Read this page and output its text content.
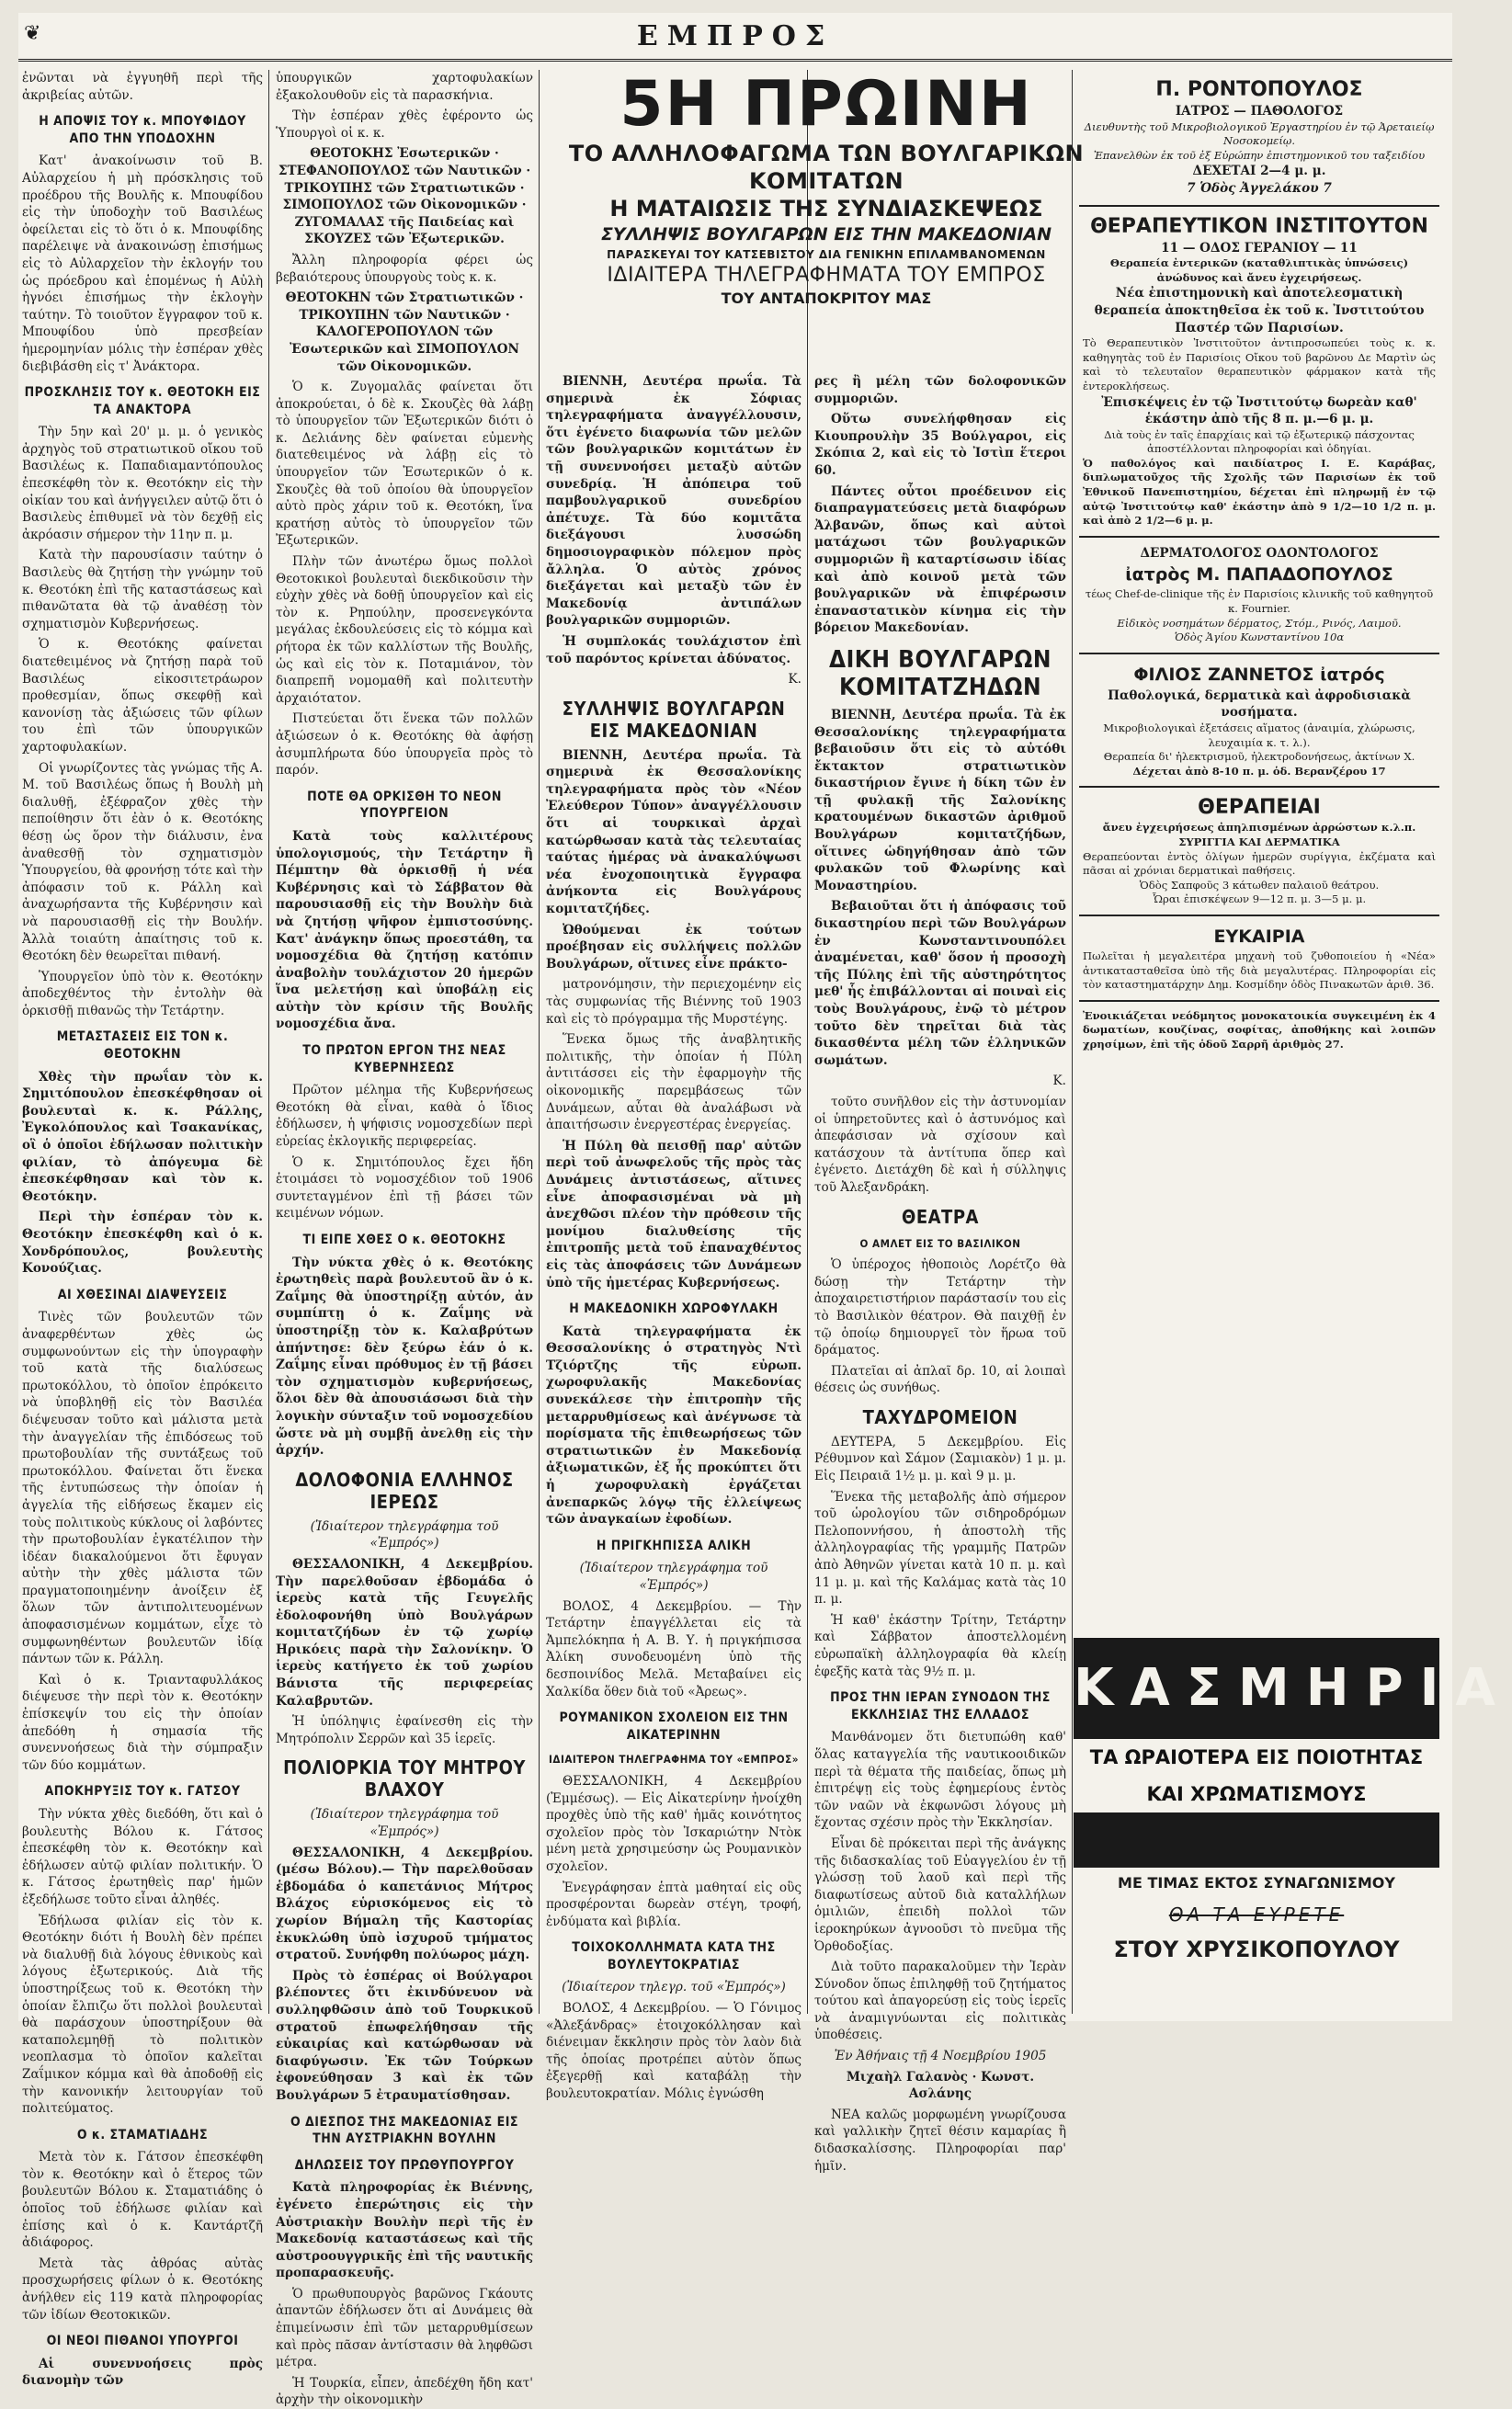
❦	ΕΜΠΡΟΣ

ἐνῶνται νὰ ἐγγυηθῆ περὶ τῆς ἀκριβείας αὐτῶν.

Η ΑΠΟΨΙΣ ΤΟΥ κ. ΜΠΟΥΦΙΔΟΥ ΑΠΟ ΤΗΝ ΥΠΟΔΟΧΗΝ

Κατ' ἀνακοίνωσιν τοῦ Β. Αὐλαρχείου ἡ μὴ πρόσκλησις τοῦ προέδρου τῆς Βουλῆς κ. Μπουφίδου εἰς τὴν ὑποδοχὴν τοῦ Βασιλέως ὀφείλεται εἰς τὸ ὅτι ὁ κ. Μπουφίδης παρέλειψε νὰ ἀνακοινώσῃ ἐπισήμως εἰς τὸ Αὐλαρχεῖον τὴν ἐκλογήν του ὡς πρόεδρου καὶ ἑπομένως ἡ Αὐλὴ ἠγνόει ἐπισήμως τὴν ἐκλογὴν ταύτην. Τὸ τοιοῦτον ἔγγραφον τοῦ κ. Μπουφίδου ὑπὸ πρεσβείαν ἡμερομηνίαν μόλις τὴν ἑσπέραν χθὲς διεβιβάσθη εἰς τ' Ἀνάκτορα.

ΠΡΟΣΚΛΗΣΙΣ ΤΟΥ κ. ΘΕΟΤΟΚΗ ΕΙΣ ΤΑ ΑΝΑΚΤΟΡΑ

Τὴν 5ην καὶ 20' μ. μ. ὁ γενικὸς ἀρχηγὸς τοῦ στρατιωτικοῦ οἴκου τοῦ Βασιλέως κ. Παπαδιαμαντόπουλος ἐπεσκέφθη τὸν κ. Θεοτόκην εἰς τὴν οἰκίαν του καὶ ἀνήγγειλεν αὐτῷ ὅτι ὁ Βασιλεὺς ἐπιθυμεῖ νὰ τὸν δεχθῇ εἰς ἀκρόασιν σήμερον τὴν 11ην π. μ.

Κατὰ τὴν παρουσίασιν ταύτην ὁ Βασιλεὺς θὰ ζητήσῃ τὴν γνώμην τοῦ κ. Θεοτόκη ἐπὶ τῆς καταστάσεως καὶ πιθανῶτατα θὰ τῷ ἀναθέσῃ τὸν σχηματισμὸν Κυβερνήσεως.

Ὁ κ. Θεοτόκης φαίνεται διατεθειμένος νὰ ζητήσῃ παρὰ τοῦ Βασιλέως εἰκοσιτετράωρον προθεσμίαν, ὅπως σκεφθῇ καὶ κανονίσῃ τὰς ἀξιώσεις τῶν φίλων του ἐπὶ τῶν ὑπουργικῶν χαρτοφυλακίων.

Οἱ γνωρίζοντες τὰς γνώμας τῆς Α. Μ. τοῦ Βασιλέως ὅπως ἡ Βουλὴ μὴ διαλυθῇ, ἐξέφραζον χθὲς τὴν πεποίθησιν ὅτι ἐὰν ὁ κ. Θεοτόκης θέσῃ ὡς ὅρον τὴν διάλυσιν, ἐνα ἀναθεσθῇ τὸν σχηματισμὸν Ὑπουργείου, θὰ φρονήσῃ τότε καὶ τὴν ἀπόφασιν τοῦ κ. Ράλλη καὶ ἀναχωρήσαντα τῆς Κυβέρνησιν καὶ νὰ παρουσιασθῇ εἰς τὴν Βουλήν. Ἀλλὰ τοιαύτη ἀπαίτησις τοῦ κ. Θεοτόκη δὲν θεωρεῖται πιθανή.

Ὑπουργεῖον ὑπὸ τὸν κ. Θεοτόκην ἀποδεχθέντος τὴν ἐντολὴν θὰ ὁρκισθῇ πιθανῶς τὴν Τετάρτην.

ΜΕΤΑΣΤΑΣΕΙΣ ΕΙΣ ΤΟΝ κ. ΘΕΟΤΟΚΗΝ

Χθὲς τὴν πρωΐαν τὸν κ. Σημιτόπουλον ἐπεσκέφθησαν οἱ βουλευταὶ κ. κ. Ράλλης, Ἐγκολόπουλος καὶ Τσακανίκας, οἳ ὁ ὁποῖοι ἐδήλωσαν πολιτικὴν φιλίαν, τὸ ἀπόγευμα δὲ ἐπεσκέφθησαν καὶ τὸν κ. Θεοτόκην.

Περὶ τὴν ἑσπέραν τὸν κ. Θεοτόκην ἐπεσκέφθη καὶ ὁ κ. Χονδρόπουλος, βουλευτὴς Κονούζιας.

ΑΙ ΧΘΕΣΙΝΑΙ ΔΙΑΨΕΥΣΕΙΣ

Τινὲς τῶν βουλευτῶν τῶν ἀναφερθέντων χθὲς ὡς συμφωνούντων εἰς τὴν ὑπογραφὴν τοῦ κατὰ τῆς διαλύσεως πρωτοκόλλου, τὸ ὁποῖον ἐπρόκειτο νὰ ὑποβληθῇ εἰς τὸν Βασιλέα διέψευσαν τοῦτο καὶ μάλιστα μετὰ τὴν ἀναγγελίαν τῆς ἐπιδόσεως τοῦ πρωτοβουλίαν τῆς συντάξεως τοῦ πρωτοκόλλου. Φαίνεται ὅτι ἕνεκα τῆς ἐντυπώσεως τὴν ὁποίαν ἡ ἀγγελία τῆς εἰδήσεως ἔκαμεν εἰς τοὺς πολιτικοὺς κύκλους οἱ λαβόντες τὴν πρωτοβουλίαν ἐγκατέλιπον τὴν ἰδέαν διακαλούμενοι ὅτι ἔφυγαν αὐτὴν τὴν χθὲς μάλιστα τῶν πραγματοποιημένην ἀνοίξειν ἐξ ὅλων τῶν ἀντιπολιτευομένων ἀποφασισμένων κομμάτων, εἶχε τὸ συμφωνηθέντων βουλευτῶν ἰδίᾳ πάντων τῶν κ. Ράλλη.

Καὶ ὁ κ. Τριανταφυλλάκος διέψευσε τὴν περὶ τὸν κ. Θεοτόκην ἐπίσκεψίν του εἰς τὴν ὁποίαν ἀπεδόθη ἡ σημασία τῆς συνεννοήσεως διὰ τὴν σύμπραξιν τῶν δύο κομμάτων.

ΑΠΟΚΗΡΥΞΙΣ ΤΟΥ κ. ΓΑΤΣΟΥ

Τὴν νύκτα χθὲς διεδόθη, ὅτι καὶ ὁ βουλευτὴς Βόλου κ. Γάτσος ἐπεσκέφθη τὸν κ. Θεοτόκην καὶ ἐδήλωσεν αὐτῷ φιλίαν πολιτικήν. Ὁ κ. Γάτσος ἐρωτηθεὶς παρ' ἡμῶν ἐξεδήλωσε τοῦτο εἶναι ἀληθές.

Ἐδήλωσα φιλίαν εἰς τὸν κ. Θεοτόκην διότι ἡ Βουλὴ δὲν πρέπει νὰ διαλυθῇ διὰ λόγους ἐθνικοὺς καὶ λόγους ἐξωτερικούς. Διὰ τῆς ὑποστηρίξεως τοῦ κ. Θεοτόκη τὴν ὁποίαν ἔλπιζω ὅτι πολλοὶ βουλευταὶ θὰ παράσχουν ὑποστηρίξουν θὰ καταπολεμηθῇ τὸ πολιτικὸν νεοπλασμα τὸ ὁποῖον καλεῖται Ζαΐμικον κόμμα καὶ θὰ ἀποδοθῇ εἰς τὴν κανονικήν λειτουργίαν τοῦ πολιτεύματος.

Ο κ. ΣΤΑΜΑΤΙΑΔΗΣ

Μετὰ τὸν κ. Γάτσον ἐπεσκέφθη τὸν κ. Θεοτόκην καὶ ὁ ἕτερος τῶν βουλευτῶν Βόλου κ. Σταματιάδης ὁ ὁποῖος τοῦ ἐδήλωσε φιλίαν καὶ ἐπίσης καὶ ὁ κ. Καντάρτζῆ ἀδιάφορος.

Μετὰ τὰς ἀθρόας αὐτὰς προσχωρήσεις φίλων ὁ κ. Θεοτόκης ἀνήλθεν εἰς 119 κατὰ πληροφορίας τῶν ἰδίων Θεοτοκικῶν.

ΟΙ ΝΕΟΙ ΠΙΘΑΝΟΙ ΥΠΟΥΡΓΟΙ

Αἱ συνεννοήσεις πρὸς διανομὴν τῶν

ὑπουργικῶν χαρτοφυλακίων ἐξακολουθοῦν εἰς τὰ παρασκήνια.

Τὴν ἑσπέραν χθὲς ἐφέροντο ὡς Ὑπουργοὶ οἱ κ. κ.

ΘΕΟΤΟΚΗΣ Ἐσωτερικῶν · ΣΤΕΦΑΝΟΠΟΥΛΟΣ τῶν Ναυτικῶν · ΤΡΙΚΟΥΠΗΣ τῶν Στρατιωτικῶν · ΣΙΜΟΠΟΥΛΟΣ τῶν Οἰκονομικῶν · ΖΥΓΟΜΑΛΑΣ τῆς Παιδείας καὶ ΣΚΟΥΖΕΣ τῶν Ἐξωτερικῶν.

Ἄλλη πληροφορία φέρει ὡς βεβαιότερους ὑπουργοὺς τοὺς κ. κ.

ΘΕΟΤΟΚΗΝ τῶν Στρατιωτικῶν · ΤΡΙΚΟΥΠΗΝ τῶν Ναυτικῶν · ΚΑΛΟΓΕΡΟΠΟΥΛΟΝ τῶν Ἐσωτερικῶν καὶ ΣΙΜΟΠΟΥΛΟΝ τῶν Οἰκονομικῶν.

Ὁ κ. Ζυγομαλᾶς φαίνεται ὅτι ἀποκρούεται, ὁ δὲ κ. Σκουζὲς θὰ λάβῃ τὸ ὑπουργεῖον τῶν Ἐξωτερικῶν διότι ὁ κ. Δελιάνης δὲν φαίνεται εὐμενὴς διατεθειμένος νὰ λάβῃ εἰς τὸ ὑπουργεῖον τῶν Ἐσωτερικῶν ὁ κ. Σκουζὲς θὰ τοῦ ὁποίου θὰ ὑπουργεῖον αὐτὸ πρὸς χάριν τοῦ κ. Θεοτόκη, ἵνα κρατήσῃ αὐτὸς τὸ ὑπουργεῖον τῶν Ἐξωτερικῶν.

Πλὴν τῶν ἀνωτέρω ὅμως πολλοὶ Θεοτοκικοὶ βουλευταὶ διεκδικοῦσιν τὴν εὐχὴν χθὲς νὰ δοθῇ ὑπουργεῖον καὶ εἰς τὸν κ. Ρηπούλην, προσενεγκόντα μεγάλας ἐκδουλεύσεις εἰς τὸ κόμμα καὶ ρήτορα ἐκ τῶν καλλίστων τῆς Βουλῆς, ὡς καὶ εἰς τὸν κ. Ποταμιάνον, τὸν διαπρεπῆ νομομαθῆ καὶ πολιτευτὴν ἀρχαιότατον.

Πιστεύεται ὅτι ἕνεκα τῶν πολλῶν ἀξιώσεων ὁ κ. Θεοτόκης θὰ ἀφήσῃ ἀσυμπλήρωτα δύο ὑπουργεῖα πρὸς τὸ παρόν.

ΠΟΤΕ ΘΑ ΟΡΚΙΣΘΗ ΤΟ ΝΕΟΝ ΥΠΟΥΡΓΕΙΟΝ

Κατὰ τοὺς καλλιτέρους ὑπολογισμούς, τὴν Τετάρτην ἢ Πέμπτην θὰ ὁρκισθῇ ἡ νέα Κυβέρνησις καὶ τὸ Σάββατον θὰ παρουσιασθῇ εἰς τὴν Βουλὴν διὰ νὰ ζητήσῃ ψῆφον ἐμπιστοσύνης. Κατ' ἀνάγκην ὅπως προεστάθη, τα νομοσχέδια θὰ ζητήσῃ κατόπιν ἀναβολὴν τουλάχιστον 20 ἡμερῶν ἵνα μελετήσῃ καὶ ὑποβάλῃ εἰς αὐτὴν τὸν κρίσιν τῆς Βουλῆς νομοσχέδια ἄνα.

ΤΟ ΠΡΩΤΟΝ ΕΡΓΟΝ ΤΗΣ ΝΕΑΣ ΚΥΒΕΡΝΗΣΕΩΣ

Πρῶτον μέλημα τῆς Κυβερνήσεως Θεοτόκη θὰ εἶναι, καθὰ ὁ ἴδιος ἐδήλωσεν, ἡ ψήφισις νομοσχεδίων περὶ εὐρείας ἐκλογικῆς περιφερείας.

Ὁ κ. Σημιτόπουλος ἔχει ἤδη ἑτοιμάσει τὸ νομοσχέδιον τοῦ 1906 συντεταγμένον ἐπὶ τῇ βάσει τῶν κειμένων νόμων.

ΤΙ ΕΙΠΕ ΧΘΕΣ Ο κ. ΘΕΟΤΟΚΗΣ

Τὴν νύκτα χθὲς ὁ κ. Θεοτόκης ἐρωτηθεὶς παρὰ βουλευτοῦ ἂν ὁ κ. Ζαΐμης θὰ ὑποστηρίξῃ αὐτόν, ἀν συμπίπτῃ ὁ κ. Ζαΐμης νὰ ὑποστηρίξῃ τὸν κ. Καλαβρύτων ἀπήντησε: δὲν ξεύρω ἐάν ὁ κ. Ζαΐμης εἶναι πρόθυμος ἐν τῇ βάσει τὸν σχηματισμὸν κυβερνήσεως, ὅλοι δὲν θὰ ἀπουσιάσωσι διὰ τὴν λογικὴν σύνταξιν τοῦ νομοσχεδίου ὥστε νὰ μὴ συμβῇ ἀνελθῃ εἰς τὴν ἀρχήν.

ΔΟΛΟΦΟΝΙΑ ΕΛΛΗΝΟΣ ΙΕΡΕΩΣ

(Ἰδιαίτερον τηλεγράφημα τοῦ «Ἐμπρός»)

ΘΕΣΣΑΛΟΝΙΚΗ, 4 Δεκεμβρίου. Τὴν παρελθοῦσαν ἑβδομάδα ὁ ἱερεὺς κατὰ τῆς Γευγελῆς ἐδολοφονήθη ὑπὸ Βουλγάρων κομιτατζήδων ἐν τῷ χωρίῳ Ηρικόεις παρὰ τὴν Σαλονίκην. Ὁ ἱερεὺς κατήγετο ἐκ τοῦ χωρίου Βάνιστα τῆς περιφερείας Καλαβρυτῶν.

Ἡ ὑπόληψις ἐφαίνεσθη εἰς τὴν Μητρόπολιν Σερρῶν καὶ 35 ἱερεῖς.

ΠΟΛΙΟΡΚΙΑ ΤΟΥ ΜΗΤΡΟΥ ΒΛΑΧΟΥ

(Ἰδιαίτερον τηλεγράφημα τοῦ «Ἐμπρός»)

ΘΕΣΣΑΛΟΝΙΚΗ, 4 Δεκεμβρίου. (μέσω Βόλου).— Τὴν παρελθοῦσαν ἑβδομάδα ὁ καπετάνιος Μήτρος Βλάχος εὑρισκόμενος εἰς τὸ χωρίον Βήμαλη τῆς Καστορίας ἐκυκλώθη ὑπὸ ἰσχυροῦ τμήματος στρατοῦ. Συνήφθη πολύωρος μάχη.

Πρὸς τὸ ἑσπέρας οἱ Βούλγαροι βλέποντες ὅτι ἐκινδύνευον νὰ συλληφθῶσιν ἀπὸ τοῦ Τουρκικοῦ στρατοῦ ἐπωφελήθησαν τῆς εὐκαιρίας καὶ κατώρθωσαν νὰ διαφύγωσιν. Ἐκ τῶν Τούρκων ἐφονεύθησαν 3 καὶ ἐκ τῶν Βουλγάρων 5 ἐτραυματίσθησαν.

Ο ΔΙΕΣΠΟΣ ΤΗΣ ΜΑΚΕΔΟΝΙΑΣ ΕΙΣ ΤΗΝ ΑΥΣΤΡΙΑΚΗΝ ΒΟΥΛΗΝ
ΔΗΛΩΣΕΙΣ ΤΟΥ ΠΡΩΘΥΠΟΥΡΓΟΥ

Κατὰ πληροφορίας ἐκ Βιέννης, ἐγένετο ἐπερώτησις εἰς τὴν Αὐστριακὴν Βουλὴν περὶ τῆς ἐν Μακεδονίᾳ καταστάσεως καὶ τῆς αὐστροουγγρικῆς ἐπὶ τῆς ναυτικῆς προπαρασκευῆς.

Ὁ πρωθυπουργὸς βαρῶνος Γκάουτς ἀπαντῶν ἐδήλωσεν ὅτι αἱ Δυνάμεις θὰ ἐπιμείνωσιν ἐπὶ τῶν μεταρρυθμίσεων καὶ πρὸς πᾶσαν ἀντίστασιν θὰ ληφθῶσι μέτρα.

Ἡ Τουρκία, εἶπεν, ἀπεδέχθη ἤδη κατ' ἀρχὴν τὴν οἰκονομικὴν

5Η ΠΡΩΙΝΗ
ΤΟ ΑΛΛΗΛΟΦΑΓΩΜΑ ΤΩΝ ΒΟΥΛΓΑΡΙΚΩΝ ΚΟΜΙΤΑΤΩΝ
Η ΜΑΤΑΙΩΣΙΣ ΤΗΣ ΣΥΝΔΙΑΣΚΕΨΕΩΣ
ΣΥΛΛΗΨΙΣ ΒΟΥΛΓΑΡΩΝ ΕΙΣ ΤΗΝ ΜΑΚΕΔΟΝΙΑΝ
ΠΑΡΑΣΚΕΥΑΙ ΤΟΥ ΚΑΤΣΕΒΙΣΤΟΥ ΔΙΑ ΓΕΝΙΚΗΝ ΕΠΙΛΑΜΒΑΝΟΜΕΝΩΝ
ΙΔΙΑΙΤΕΡΑ ΤΗΛΕΓΡΑΦΗΜΑΤΑ ΤΟΥ ΕΜΠΡΟΣ
ΤΟΥ ΑΝΤΑΠΟΚΡΙΤΟΥ ΜΑΣ

ΒΙΕΝΝΗ, Δευτέρα πρωΐα. Τὰ σημερινὰ ἐκ Σόφιας τηλεγραφήματα ἀναγγέλλουσιν, ὅτι ἐγένετο διαφωνία τῶν μελῶν τῶν βουλγαρικῶν κομιτάτων ἐν τῇ συνεννοήσει μεταξὺ αὐτῶν συνεδρίᾳ. Ἡ ἀπόπειρα τοῦ παμβουλγαρικοῦ συνεδρίου ἀπέτυχε. Τὰ δύο κομιτᾶτα διεξάγουσι λυσσώδη δημοσιογραφικὸν πόλεμον πρὸς ἄλληλα. Ὁ αὐτὸς χρόνος διεξάγεται καὶ μεταξὺ τῶν ἐν Μακεδονίᾳ ἀντιπάλων βουλγαρικῶν συμμοριῶν.

Ἡ συμπλοκάς τουλάχιστον ἐπὶ τοῦ παρόντος κρίνεται ἀδύνατος.

Κ.

ΣΥΛΛΗΨΙΣ ΒΟΥΛΓΑΡΩΝ ΕΙΣ ΜΑΚΕΔΟΝΙΑΝ

ΒΙΕΝΝΗ, Δευτέρα πρωΐα. Τὰ σημερινὰ ἐκ Θεσσαλονίκης τηλεγραφήματα πρὸς τὸν «Νέον Ἐλεύθερον Τύπον» ἀναγγέλλουσιν ὅτι αἱ τουρκικαὶ ἀρχαὶ κατώρθωσαν κατὰ τὰς τελευταίας ταύτας ἡμέρας νὰ ἀνακαλύψωσι νέα ἐνοχοποιητικὰ ἔγγραφα ἀνήκοντα εἰς Βουλγάρους κομιτατζήδες.

Ὠθούμεναι ἐκ τούτων προέβησαν εἰς συλλήψεις πολλῶν Βουλγάρων, οἵτινες εἶνε πράκτο-

ματρονόμησιν, τὴν περιεχομένην εἰς τὰς συμφωνίας τῆς Βιέννης τοῦ 1903 καὶ εἰς τὸ πρόγραμμα τῆς Μυρστέγης.

Ἕνεκα ὅμως τῆς ἀναβλητικῆς πολιτικῆς, τὴν ὁποίαν ἡ Πύλη ἀντιτάσσει εἰς τὴν ἐφαρμογὴν τῆς οἰκονομικῆς παρεμβάσεως τῶν Δυνάμεων, αὗται θὰ ἀναλάβωσι νὰ ἀπαιτήσωσιν ἐνεργεστέρας ἐνεργείας.

Ἡ Πύλη θὰ πεισθῇ παρ' αὐτῶν περὶ τοῦ ἀνωφελοῦς τῆς πρὸς τὰς Δυνάμεις ἀντιστάσεως, αἵτινες εἶνε ἀποφασισμέναι νὰ μὴ ἀνεχθῶσι πλέον τὴν πρόθεσιν τῆς μονίμου διαλυθείσης τῆς ἐπιτροπῆς μετὰ τοῦ ἐπαναχθέντος εἰς τὰς ἀποφάσεις τῶν Δυνάμεων ὑπὸ τῆς ἡμετέρας Κυβερνήσεως.

Η ΜΑΚΕΔΟΝΙΚΗ ΧΩΡΟΦΥΛΑΚΗ

Κατὰ τηλεγραφήματα ἐκ Θεσσαλονίκης ὁ στρατηγὸς Ντὶ Τζιόρτζης τῆς εὐρωπ. χωροφυλακῆς Μακεδονίας συνεκάλεσε τὴν ἐπιτροπὴν τῆς μεταρρυθμίσεως καὶ ἀνέγνωσε τὰ πορίσματα τῆς ἐπιθεωρήσεως τῶν στρατιωτικῶν ἐν Μακεδονίᾳ ἀξιωματικῶν, ἐξ ἧς προκύπτει ὅτι ἡ χωροφυλακὴ ἐργάζεται ἀνεπαρκῶς λόγῳ τῆς ἐλλείψεως τῶν ἀναγκαίων ἐφοδίων.

Η ΠΡΙΓΚΗΠΙΣΣΑ ΑΛΙΚΗ

(Ἰδιαίτερον τηλεγράφημα τοῦ «Ἐμπρός»)

ΒΟΛΟΣ, 4 Δεκεμβρίου. — Τὴν Τετάρτην ἐπαγγέλλεται εἰς τὰ Ἀμπελόκηπα ἡ Α. Β. Υ. ἡ πριγκήπισσα Ἀλίκη συνοδευομένη ὑπὸ τῆς δεσποινίδος Μελᾶ. Μεταβαίνει εἰς Χαλκίδα ὅθεν διὰ τοῦ «Ἀρεως».

ΡΟΥΜΑΝΙΚΟΝ ΣΧΟΛΕΙΟΝ ΕΙΣ ΤΗΝ ΑΙΚΑΤΕΡΙΝΗΝ
ΙΔΙΑΙΤΕΡΟΝ ΤΗΛΕΓΡΑΦΗΜΑ ΤΟΥ «ΕΜΠΡΟΣ»

ΘΕΣΣΑΛΟΝΙΚΗ, 4 Δεκεμβρίου (Ἐμμέσως). — Εἰς Αἰκατερίνην ἠνοίχθη προχθὲς ὑπὸ τῆς καθ' ἡμᾶς κοινότητος σχολεῖον πρὸς τὸν Ἰσκαριώτην Ντὸκ μένη μετὰ χρησιμεύσην ὡς Ρουμανικὸν σχολεῖον.

Ἐνεγράφησαν ἑπτὰ μαθηταί εἰς οὓς προσφέρονται δωρεὰν στέγη, τροφή, ἐνδύματα καὶ βιβλία.

ΤΟΙΧΟΚΟΛΛΗΜΑΤΑ ΚΑΤΑ ΤΗΣ ΒΟΥΛΕΥΤΟΚΡΑΤΙΑΣ

(Ἰδιαίτερον τηλεγρ. τοῦ «Ἐμπρός»)

ΒΟΛΟΣ, 4 Δεκεμβρίου. — Ὁ Γόνιμος «Ἀλεξάνδρας» ἐτοιχοκόλλησαν καὶ διένειμαν ἔκκλησιν πρὸς τὸν λαὸν διὰ τῆς ὁποίας προτρέπει αὐτὸν ὅπως ἐξεγερθῇ καὶ καταβάλῃ τὴν βουλευτοκρατίαν. Μόλις ἐγνώσθη

ρες ἢ μέλη τῶν δολοφονικῶν συμμοριῶν.

Οὕτω συνελήφθησαν εἰς Κιουπρουλὴν 35 Βούλγαροι, εἰς Σκόπια 2, καὶ εἰς τὸ Ἰστὶπ ἕτεροι 60.

Πάντες οὗτοι προέδεινον εἰς διαπραγματεύσεις μετὰ διαφόρων Ἀλβανῶν, ὅπως καὶ αὐτοὶ ματάχωσι τῶν βουλγαρικῶν συμμοριῶν ἢ καταρτίσωσιν ἰδίας καὶ ἀπὸ κοινοῦ μετὰ τῶν βουλγαρικῶν νὰ ἐπιφέρωσιν ἐπαναστατικὸν κίνημα εἰς τὴν βόρειον Μακεδονίαν.

ΔΙΚΗ ΒΟΥΛΓΑΡΩΝ ΚΟΜΙΤΑΤΖΗΔΩΝ

ΒΙΕΝΝΗ, Δευτέρα πρωΐα. Τὰ ἐκ Θεσσαλονίκης τηλεγραφήματα βεβαιοῦσιν ὅτι εἰς τὸ αὐτόθι ἔκτακτον στρατιωτικὸν δικαστήριον ἔγινε ἡ δίκη τῶν ἐν τῇ φυλακῇ τῆς Σαλονίκης κρατουμένων δικαστῶν ἀριθμοῦ Βουλγάρων κομιτατζήδων, οἵτινες ὡδηγήθησαν ἀπὸ τῶν φυλακῶν τοῦ Φλωρίνης καὶ Μοναστηρίου.

Βεβαιοῦται ὅτι ἡ ἀπόφασις τοῦ δικαστηρίου περὶ τῶν Βουλγάρων ἐν Κωνσταντινουπόλει ἀναμένεται, καθ' ὅσον ἡ προσοχὴ τῆς Πύλης ἐπὶ τῆς αὐστηρότητος μεθ' ἧς ἐπιβάλλονται αἱ ποιναὶ εἰς τοὺς Βουλγάρους, ἐνῷ τὸ μέτρον τοῦτο δὲν τηρεῖται διὰ τὰς δικασθέντα μέλη τῶν ἑλληνικῶν σωμάτων.

Κ.

τοῦτο συνῆλθον εἰς τὴν ἀστυνομίαν οἱ ὑπηρετοῦντες καὶ ὁ ἀστυνόμος καὶ ἀπεφάσισαν νὰ σχίσουν καὶ κατάσχουν τὰ ἀντίτυπα ὅπερ καὶ ἐγένετο. Διετάχθη δὲ καὶ ἡ σύλληψις τοῦ Ἀλεξανδράκη.

ΘΕΑΤΡΑ
Ο ΑΜΛΕΤ ΕΙΣ ΤΟ ΒΑΣΙΛΙΚΟΝ

Ὁ ὑπέροχος ἠθοποιὸς Λορέτζο θὰ δώσῃ τὴν Τετάρτην τὴν ἀποχαιρετιστήριον παράστασίν του εἰς τὸ Βασιλικὸν θέατρον. Θὰ παιχθῇ ἐν τῷ ὁποίῳ δημιουργεῖ τὸν ἥρωα τοῦ δράματος.

Πλατεῖαι αἱ ἀπλαῖ δρ. 10, αἱ λοιπαὶ θέσεις ὡς συνήθως.

ΤΑΧΥΔΡΟΜΕΙΟΝ

ΔΕΥΤΕΡΑ, 5 Δεκεμβρίου. Εἰς Ρέθυμνον καὶ Σάμον (Σαμιακὸν) 1 μ. μ. Εἰς Πειραιᾶ 1½ μ. μ. καὶ 9 μ. μ.

Ἕνεκα τῆς μεταβολῆς ἀπὸ σήμερον τοῦ ὡρολογίου τῶν σιδηροδρόμων Πελοποννήσου, ἡ ἀποστολὴ τῆς ἀλληλογραφίας τῆς γραμμῆς Πατρῶν ἀπὸ Ἀθηνῶν γίνεται κατὰ 10 π. μ. καὶ 11 μ. μ. καὶ τῆς Καλάμας κατὰ τὰς 10 π. μ.

Ἡ καθ' ἑκάστην Τρίτην, Τετάρτην καὶ Σάββατον ἀποστελλομένη εὐρωπαϊκὴ ἀλληλογραφία θὰ κλείῃ ἐφεξῆς κατὰ τὰς 9½ π. μ.

ΠΡΟΣ ΤΗΝ ΙΕΡΑΝ ΣΥΝΟΔΟΝ ΤΗΣ ΕΚΚΛΗΣΙΑΣ ΤΗΣ ΕΛΛΑΔΟΣ

Μανθάνομεν ὅτι διετυπώθη καθ' ὅλας καταγγελία τῆς ναυτικοοιδικῶν περὶ τὰ θέματα τῆς παιδείας, ὅπως μὴ ἐπιτρέψῃ εἰς τοὺς ἐφημερίους ἐντὸς τῶν ναῶν νὰ ἐκφωνῶσι λόγους μὴ ἔχοντας σχέσιν πρὸς τὴν Ἐκκλησίαν.

Εἶναι δὲ πρόκειται περὶ τῆς ἀνάγκης τῆς διδασκαλίας τοῦ Εὐαγγελίου ἐν τῇ γλώσσῃ τοῦ λαοῦ καὶ περὶ τῆς διαφωτίσεως αὐτοῦ διὰ καταλλήλων ὁμιλιῶν, ἐπειδὴ πολλοὶ τῶν ἱεροκηρύκων ἀγνοοῦσι τὸ πνεῦμα τῆς Ὀρθοδοξίας.

Διὰ τοῦτο παρακαλοῦμεν τὴν Ἱερὰν Σύνοδον ὅπως ἐπιληφθῇ τοῦ ζητήματος τούτου καὶ ἀπαγορεύσῃ εἰς τοὺς ἱερεῖς νὰ ἀναμιγνύωνται εἰς πολιτικὰς ὑποθέσεις.

Ἐν Ἀθήναις τῇ 4 Νοεμβρίου 1905

Μιχαὴλ Γαλανὸς · Κωνστ. Ασλάνης

ΝΕΑ καλῶς μορφωμένη γνωρίζουσα καὶ γαλλικὴν ζητεῖ θέσιν καμαρίας ἢ διδασκαλίσσης. Πληροφορίαι παρ' ἡμῖν.

Π. ΡΟΝΤΟΠΟΥΛΟΣ
ΙΑΤΡΟΣ — ΠΑΘΟΛΟΓΟΣ
Διευθυντὴς τοῦ Μικροβιολογικοῦ Ἐργαστηρίου ἐν τῷ Ἀρεταιείῳ Νοσοκομείῳ.
Ἐπανελθὼν ἐκ τοῦ ἐξ Εὐρώπην ἐπιστημονικοῦ του ταξειδίου
ΔΕΧΕΤΑΙ 2—4 μ. μ.
7 Ὁδὸς Ἀγγελάκου 7
ΘΕΡΑΠΕΥΤΙΚΟΝ ΙΝΣΤΙΤΟΥΤΟΝ
11 — ΟΔΟΣ ΓΕΡΑΝΙΟΥ — 11
Θεραπεία ἐντερικῶν (καταθλιπτικὰς ὑπνώσεις) ἀνώδυνος καὶ ἄνευ ἐγχειρήσεως.
Νέα ἐπιστημονικὴ καὶ ἀποτελεσματικὴ θεραπεία ἀποκτηθεῖσα ἐκ τοῦ κ. Ἰνστιτούτου Παστέρ τῶν Παρισίων.
Τὸ Θεραπευτικὸν Ἰνστιτοῦτον ἀντιπροσωπεύει τοὺς κ. κ. καθηγητὰς τοῦ ἐν Παρισίοις Οἴκου τοῦ βαρῶνου Δε Μαρτὶν ὡς καὶ τὸ τελευταῖον θεραπευτικὸν φάρμακον κατὰ τῆς ἐντεροκλήσεως.
Ἐπισκέψεις ἐν τῷ Ἰνστιτούτῳ δωρεὰν καθ' ἑκάστην ἀπὸ τῆς 8 π. μ.—6 μ. μ.
Διὰ τοὺς ἐν ταῖς ἐπαρχίαις καὶ τῷ ἐξωτερικῷ πάσχοντας ἀποστέλλονται πληροφορίαι καὶ ὁδηγίαι.
Ὁ παθολόγος καὶ παιδίατρος Ι. Ε. Καράβας, διπλωματοῦχος τῆς Σχολῆς τῶν Παρισίων ἐκ τοῦ Ἐθνικοῦ Πανεπιστημίου, δέχεται ἐπὶ πληρωμῇ ἐν τῷ αὐτῷ Ἰνστιτούτῳ καθ' ἑκάστην ἀπὸ 9 1/2—10 1/2 π. μ. καὶ ἀπὸ 2 1/2—6 μ. μ.
ΔΕΡΜΑΤΟΛΟΓΟΣ ΟΔΟΝΤΟΛΟΓΟΣ
ἰατρὸς Μ. ΠΑΠΑΔΟΠΟΥΛΟΣ
τέως Chef-de-clinique τῆς ἐν Παρισίοις κλινικῆς τοῦ καθηγητοῦ κ. Fournier.
Εἰδικὸς νοσημάτων δέρματος, Στόμ., Ρινός, Λαιμοῦ.
Ὁδὸς Ἁγίου Κωνσταντίνου 10α
ΦΙΛΙΟΣ ΖΑΝΝΕΤΟΣ ἰατρός
Παθολογικά, δερματικὰ καὶ ἀφροδισιακὰ νοσήματα.
Μικροβιολογικαὶ ἐξετάσεις αἵματος (ἀναιμία, χλώρωσις, λευχαιμία κ. τ. λ.).
Θεραπεία δι' ἠλεκτρισμοῦ, ἠλεκτροδονήσεως, ἀκτίνων Χ.
Δέχεται ἀπὸ 8-10 π. μ. ὁδ. Βερανζέρου 17
ΘΕΡΑΠΕΙΑΙ
ἄνευ ἐγχειρήσεως ἀπηλπισμένων ἀρρώστων κ.λ.π.
ΣΥΡΙΓΓΙΑ ΚΑΙ ΔΕΡΜΑΤΙΚΑ
Θεραπεύονται ἐντὸς ὀλίγων ἡμερῶν συρίγγια, ἐκζέματα καὶ πᾶσαι αἱ χρόνιαι δερματικαὶ παθήσεις.
Ὁδὸς Σαπφοῦς 3 κάτωθεν παλαιοῦ θεάτρου.
Ὧραι ἐπισκέψεων 9—12 π. μ. 3—5 μ. μ.
ΕΥΚΑΙΡΙΑ
Πωλεῖται ἡ μεγαλειτέρα μηχανὴ τοῦ ζυθοποιείου ἡ «Νέα» ἀντικατασταθεῖσα ὑπὸ τῆς διὰ μεγαλυτέρας. Πληροφορίαι εἰς τὸν καταστηματάρχην Δημ. Κοσμίδην ὁδὸς Πινακωτῶν ἀριθ. 36.
Ἐνοικιάζεται νεόδμητος μονοκατοικία συγκειμένη ἐκ 4 δωματίων, κουζίνας, σοφίτας, ἀποθήκης καὶ λοιπῶν χρησίμων, ἐπὶ τῆς ὁδοῦ Σαρρῆ ἀριθμὸς 27.
ΚΑΣΜΗΡΙΑ
ΤΑ ΩΡΑΙΟΤΕΡΑ ΕΙΣ ΠΟΙΟΤΗΤΑΣ ΚΑΙ ΧΡΩΜΑΤΙΣΜΟΥΣ
ΜΕ ΤΙΜΑΣ ΕΚΤΟΣ ΣΥΝΑΓΩΝΙΣΜΟΥ
ΘΑ ΤΑ ΕΥΡΕΤΕ
ΣΤΟΥ ΧΡΥΣΙΚΟΠΟΥΛΟΥ
